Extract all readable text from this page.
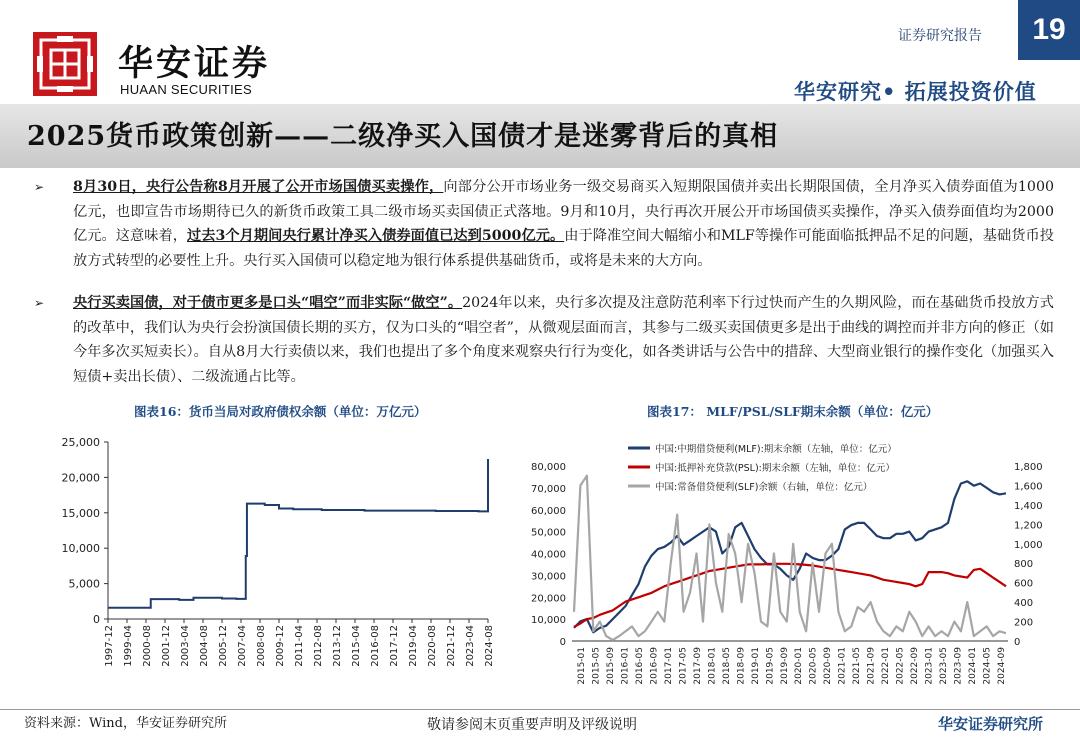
华安证券
HUAAN SECURITIES
证券研究报告	19
华安研究• 拓展投资价值
2025货币政策创新——二级净买入国债才是迷雾背后的真相
➢ 8月30日，央行公告称8月开展了公开市场国债买卖操作，向部分公开市场业务一级交易商买入短期限国债并卖出长期限国债，全月净买入债券面值为1000亿元，也即宣告市场期待已久的新货币政策工具二级市场买卖国债正式落地。9月和10月，央行再次开展公开市场国债买卖操作，净买入债券面值均为2000亿元。这意味着，过去3个月期间央行累计净买入债券面值已达到5000亿元。由于降准空间大幅缩小和MLF等操作可能面临抵押品不足的问题，基础货币投放方式转型的必要性上升。央行买入国债可以稳定地为银行体系提供基础货币，或将是未来的大方向。
➢ 央行买卖国债，对于债市更多是口头“唱空”而非实际“做空”。2024年以来，央行多次提及注意防范利率下行过快而产生的久期风险，而在基础货币投放方式的改革中，我们认为央行会扮演国债长期的买方，仅为口头的“唱空者”，从微观层面而言，其参与二级买卖国债更多是出于曲线的调控而并非方向的修正（如今年多次买短卖长）。自从8月大行卖债以来，我们也提出了多个角度来观察央行行为变化，如各类讲话与公告中的措辞、大型商业银行的操作变化（加强买入短债+卖出长债）、二级流通占比等。
图表16：货币当局对政府债权余额（单位：万亿元）	图表17： MLF/PSL/SLF期末余额（单位：亿元）
0
5,000
10,000
15,000
20,000
25,000
1997-12 1999-04 2000-08 2001-12 2003-04 2004-08 2005-12 2007-04 2008-08 2009-12 2011-04 2012-08 2013-12 2015-04 2016-08 2017-12 2019-04 2020-08 2021-12 2023-04 2024-08	0
10,000
20,000
30,000
40,000
50,000
60,000
70,000
80,000
0
200
400
600
800
1,000
1,200
1,400
1,600
1,800
2015-01 2015-05 2015-09 2016-01 2016-05 2016-09 2017-01 2017-05 2017-09 2018-01 2018-05 2018-09 2019-01 2019-05 2019-09 2020-01 2020-05 2020-09 2021-01 2021-05 2021-09 2022-01 2022-05 2022-09 2023-01 2023-05 2023-09 2024-01 2024-05 2024-09
中国:中期借贷便利(MLF):期末余额（左轴，单位：亿元）
中国:抵押补充贷款(PSL):期末余额（左轴，单位：亿元）
中国:常备借贷便利(SLF)余额（右轴，单位：亿元）
资料来源：Wind，华安证券研究所	敬请参阅末页重要声明及评级说明	华安证券研究所
